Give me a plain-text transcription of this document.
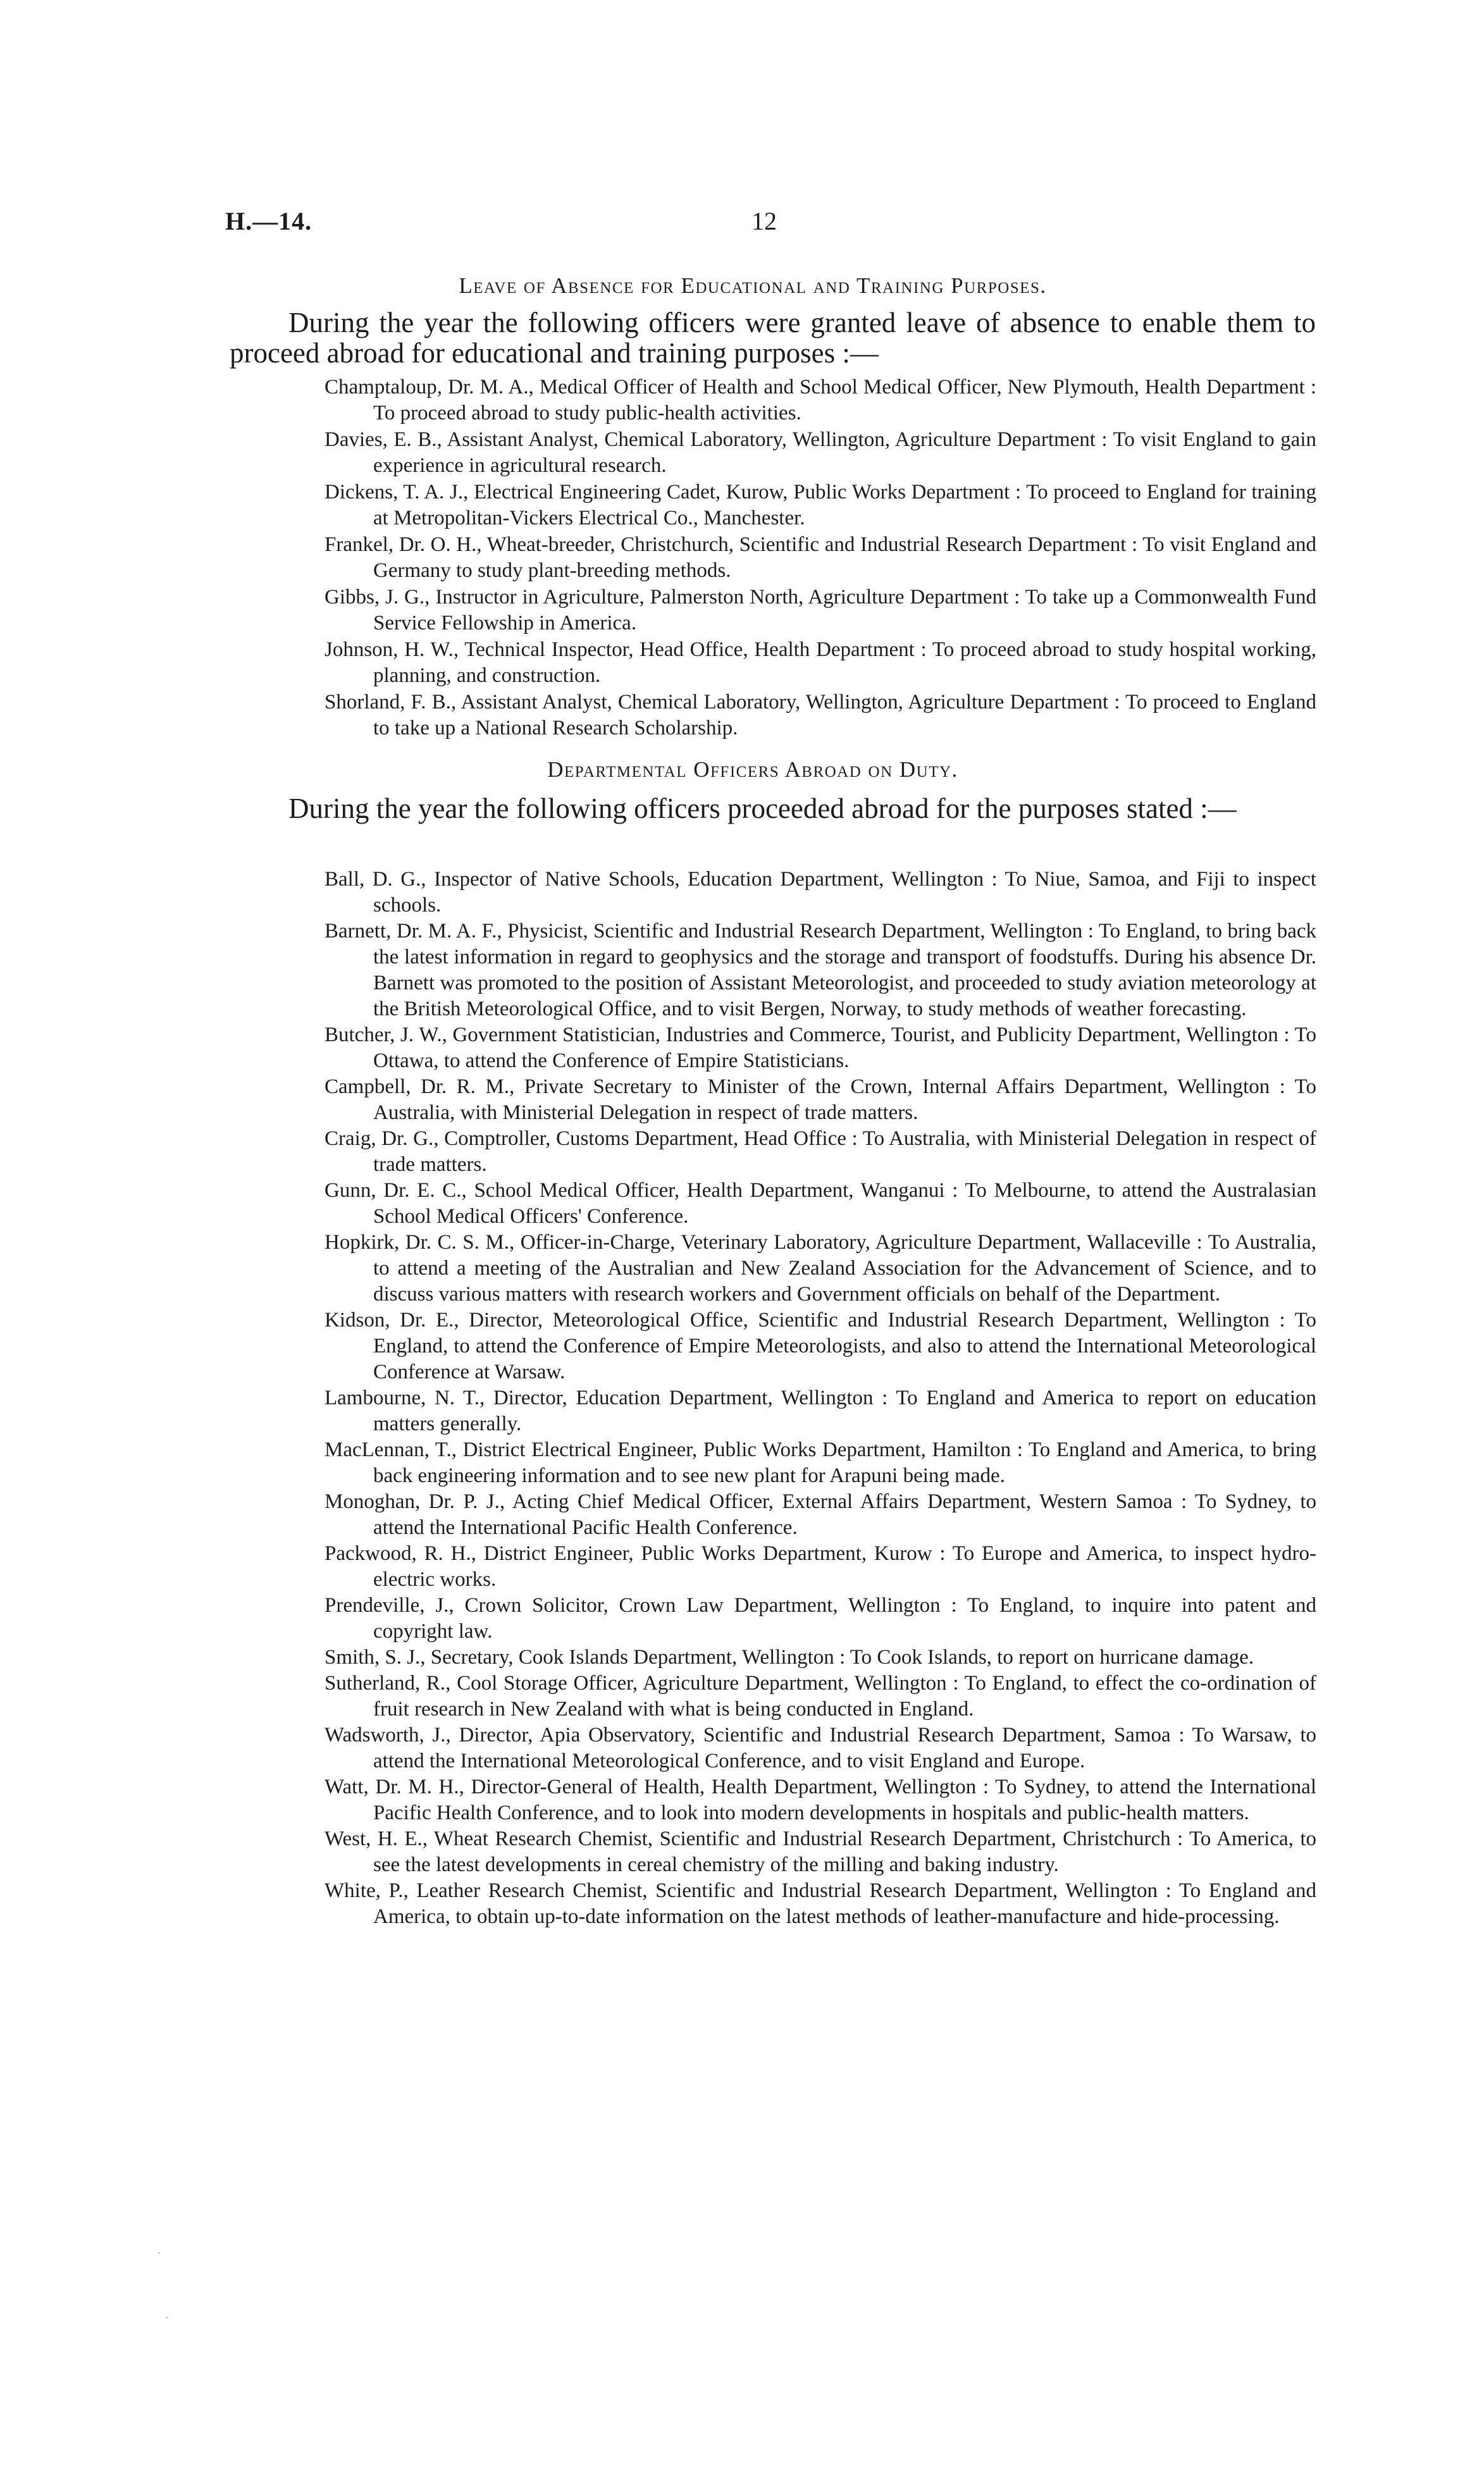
H.—14.	12
Leave of Absence for Educational and Training Purposes.

During the year the following officers were granted leave of absence to enable them to proceed abroad for educational and training purposes :—

Champtaloup, Dr. M. A., Medical Officer of Health and School Medical Officer, New Plymouth, Health Department : To proceed abroad to study public-health activities.
Davies, E. B., Assistant Analyst, Chemical Laboratory, Wellington, Agriculture Department : To visit England to gain experience in agricultural research.
Dickens, T. A. J., Electrical Engineering Cadet, Kurow, Public Works Department : To proceed to England for training at Metropolitan-Vickers Electrical Co., Manchester.
Frankel, Dr. O. H., Wheat-breeder, Christchurch, Scientific and Industrial Research Department : To visit England and Germany to study plant-breeding methods.
Gibbs, J. G., Instructor in Agriculture, Palmerston North, Agriculture Department : To take up a Commonwealth Fund Service Fellowship in America.
Johnson, H. W., Technical Inspector, Head Office, Health Department : To proceed abroad to study hospital working, planning, and construction.
Shorland, F. B., Assistant Analyst, Chemical Laboratory, Wellington, Agriculture Department : To proceed to England to take up a National Research Scholarship.
Departmental Officers Abroad on Duty.

During the year the following officers proceeded abroad for the purposes stated :—

Ball, D. G., Inspector of Native Schools, Education Department, Wellington : To Niue, Samoa, and Fiji to inspect schools.
Barnett, Dr. M. A. F., Physicist, Scientific and Industrial Research Department, Wellington : To England, to bring back the latest information in regard to geophysics and the storage and transport of foodstuffs. During his absence Dr. Barnett was promoted to the position of Assistant Meteorologist, and proceeded to study aviation meteorology at the British Meteorological Office, and to visit Bergen, Norway, to study methods of weather forecasting.
Butcher, J. W., Government Statistician, Industries and Commerce, Tourist, and Publicity Department, Wellington : To Ottawa, to attend the Conference of Empire Statisticians.
Campbell, Dr. R. M., Private Secretary to Minister of the Crown, Internal Affairs Department, Wellington : To Australia, with Ministerial Delegation in respect of trade matters.
Craig, Dr. G., Comptroller, Customs Department, Head Office : To Australia, with Ministerial Delegation in respect of trade matters.
Gunn, Dr. E. C., School Medical Officer, Health Department, Wanganui : To Melbourne, to attend the Australasian School Medical Officers' Conference.
Hopkirk, Dr. C. S. M., Officer-in-Charge, Veterinary Laboratory, Agriculture Department, Wallaceville : To Australia, to attend a meeting of the Australian and New Zealand Association for the Advancement of Science, and to discuss various matters with research workers and Government officials on behalf of the Department.
Kidson, Dr. E., Director, Meteorological Office, Scientific and Industrial Research Department, Wellington : To England, to attend the Conference of Empire Meteorologists, and also to attend the International Meteorological Conference at Warsaw.
Lambourne, N. T., Director, Education Department, Wellington : To England and America to report on education matters generally.
MacLennan, T., District Electrical Engineer, Public Works Department, Hamilton : To England and America, to bring back engineering information and to see new plant for Arapuni being made.
Monoghan, Dr. P. J., Acting Chief Medical Officer, External Affairs Department, Western Samoa : To Sydney, to attend the International Pacific Health Conference.
Packwood, R. H., District Engineer, Public Works Department, Kurow : To Europe and America, to inspect hydro-electric works.
Prendeville, J., Crown Solicitor, Crown Law Department, Wellington : To England, to inquire into patent and copyright law.
Smith, S. J., Secretary, Cook Islands Department, Wellington : To Cook Islands, to report on hurricane damage.
Sutherland, R., Cool Storage Officer, Agriculture Department, Wellington : To England, to effect the co-ordination of fruit research in New Zealand with what is being conducted in England.
Wadsworth, J., Director, Apia Observatory, Scientific and Industrial Research Department, Samoa : To Warsaw, to attend the International Meteorological Conference, and to visit England and Europe.
Watt, Dr. M. H., Director-General of Health, Health Department, Wellington : To Sydney, to attend the International Pacific Health Conference, and to look into modern developments in hospitals and public-health matters.
West, H. E., Wheat Research Chemist, Scientific and Industrial Research Department, Christchurch : To America, to see the latest developments in cereal chemistry of the milling and baking industry.
White, P., Leather Research Chemist, Scientific and Industrial Research Department, Wellington : To England and America, to obtain up-to-date information on the latest methods of leather-manufacture and hide-processing.
